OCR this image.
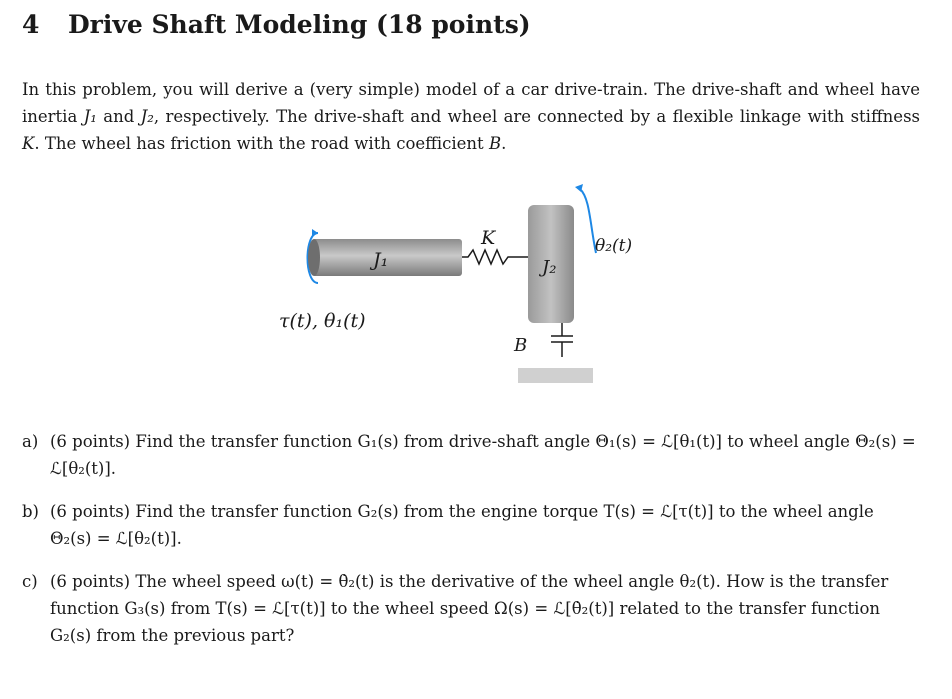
4 Drive Shaft Modeling (18 points)
In this problem, you will derive a (very simple) model of a car drive-train. The drive-shaft and wheel have inertia J₁ and J₂, respectively. The drive-shaft and wheel are connected by a flexible linkage with stiffness K. The wheel has friction with the road with coefficient B.
J₁
K
J₂
θ₂(t)
B
τ(t), θ₁(t)
a) (6 points) Find the transfer function G₁(s) from drive-shaft angle Θ₁(s) = ℒ[θ₁(t)] to wheel angle Θ₂(s) = ℒ[θ₂(t)].
b) (6 points) Find the transfer function G₂(s) from the engine torque T(s) = ℒ[τ(t)] to the wheel angle Θ₂(s) = ℒ[θ₂(t)].
c) (6 points) The wheel speed ω(t) = θ̇₂(t) is the derivative of the wheel angle θ₂(t). How is the transfer function G₃(s) from T(s) = ℒ[τ(t)] to the wheel speed Ω(s) = ℒ[θ̇₂(t)] related to the transfer function G₂(s) from the previous part?
